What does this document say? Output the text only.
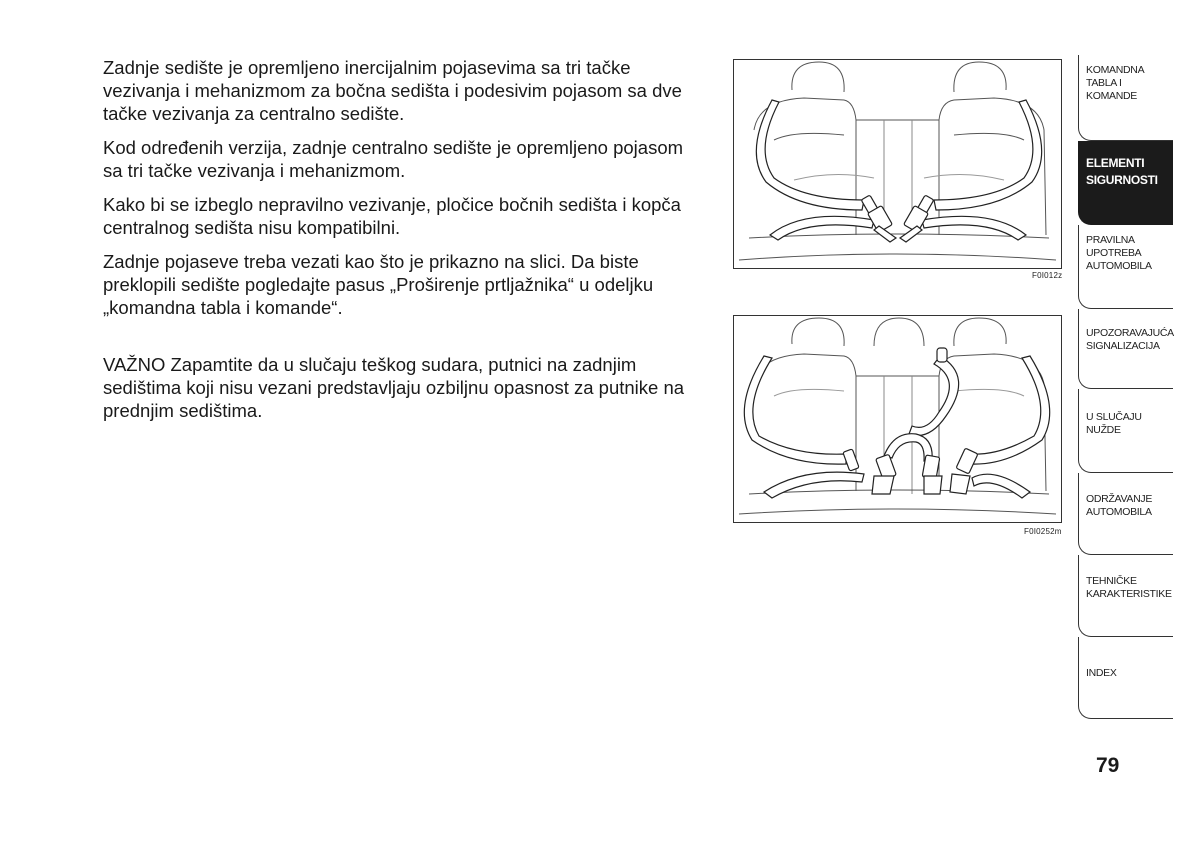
Zadnje sedište je opremljeno inercijalnim pojasevima sa tri tačke vezivanja i mehanizmom za bočna sedišta i podesivim pojasom sa dve tačke vezivanja za centralno sedište.

Kod određenih verzija, zadnje centralno sedište je opremljeno pojasom sa tri tačke vezivanja i mehanizmom.

Kako bi se izbeglo nepravilno vezivanje, pločice bočnih sedišta i kopča centralnog sedišta nisu kompatibilni.

Zadnje pojaseve treba vezati kao što je prikazno na slici. Da biste preklopili sedište pogledajte pasus „Proširenje prtljažnika“ u odeljku „komandna tabla i komande“.

VAŽNO Zapamtite da u slučaju teškog sudara, putnici na zadnjim sedištima koji nisu vezani predstavljaju ozbiljnu opasnost za putnike na prednjim sedištima.

F0I012z
F0I0252m
KOMANDNA
TABLA I
KOMANDE
ELEMENTI
SIGURNOSTI
PRAVILNA
UPOTREBA
AUTOMOBILA
UPOZORAVAJUĆA
SIGNALIZACIJA
U SLUČAJU
NUŽDE
ODRŽAVANJE
AUTOMOBILA
TEHNIČKE
KARAKTERISTIKE
INDEX
79
